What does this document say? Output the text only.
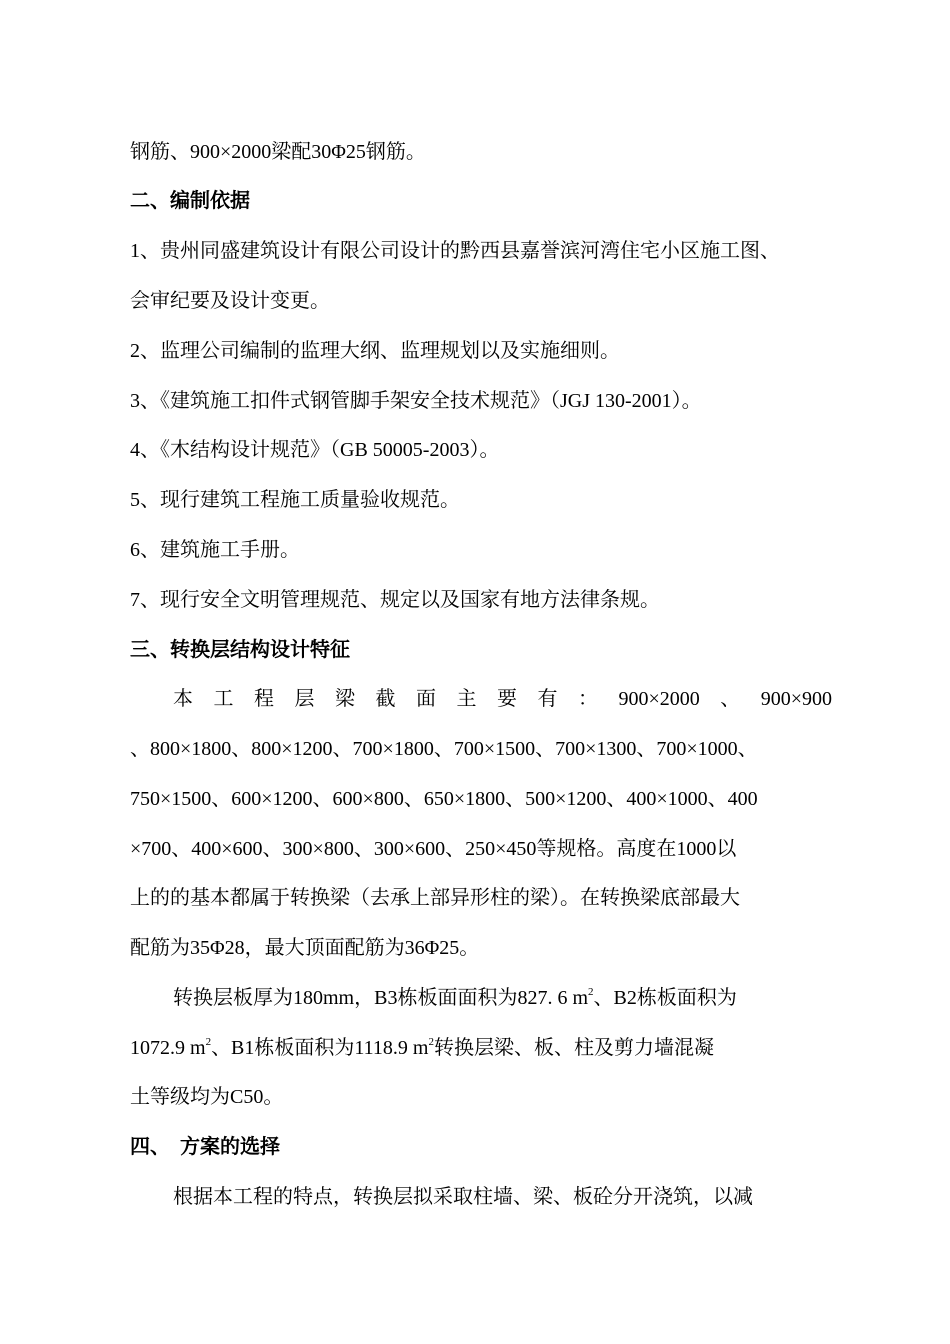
钢筋、900×2000梁配30Φ25钢筋。
二、编制依据
1、贵州同盛建筑设计有限公司设计的黔西县嘉誉滨河湾住宅小区施工图、
会审纪要及设计变更。
2、监理公司编制的监理大纲、监理规划以及实施细则。
3、《建筑施工扣件式钢管脚手架安全技术规范》（JGJ 130-2001）。
4、《木结构设计规范》（GB 50005-2003）。
5、现行建筑工程施工质量验收规范。
6、建筑施工手册。
7、现行安全文明管理规范、规定以及国家有地方法律条规。
三、转换层结构设计特征
本工程层梁截面主要有：900×2000、900×900
、800×1800、800×1200、700×1800、700×1500、700×1300、700×1000、
750×1500、600×1200、600×800、650×1800、500×1200、400×1000、400
×700、400×600、300×800、300×600、250×450等规格。高度在1000以
上的的基本都属于转换梁（去承上部异形柱的梁）。在转换梁底部最大
配筋为35Φ28，最大顶面配筋为36Φ25。
转换层板厚为180mm，B3栋板面面积为827. 6 $m^2$、B2栋板面积为
1072.9 $m^2$、B1栋板面积为1118.9 $m^2$转换层梁、板、柱及剪力墙混凝
土等级均为C50。
四、  方案的选择
根据本工程的特点，转换层拟采取柱墙、梁、板砼分开浇筑，以减
